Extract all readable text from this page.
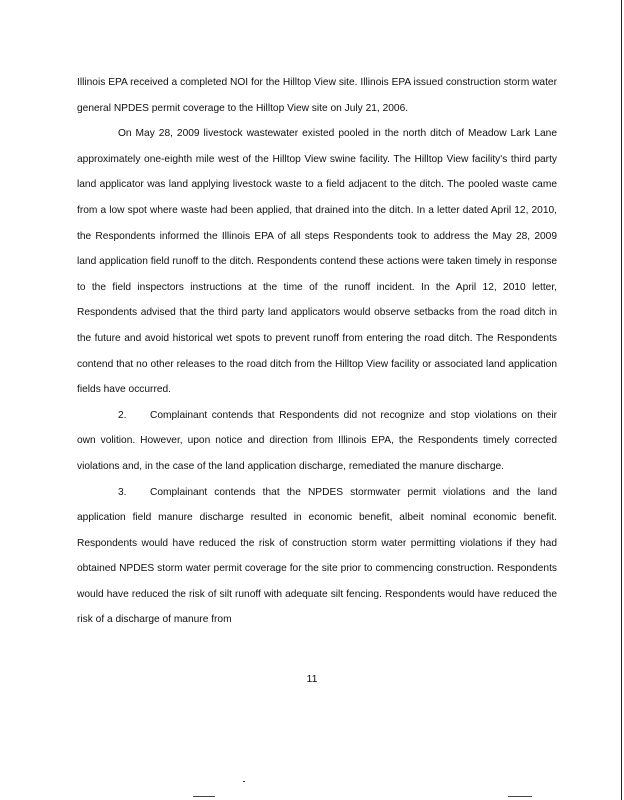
Illinois EPA received a completed NOI for the Hilltop View site. Illinois EPA issued construction storm water general NPDES permit coverage to the Hilltop View site on July 21, 2006.

On May 28, 2009 livestock wastewater existed pooled in the north ditch of Meadow Lark Lane approximately one-eighth mile west of the Hilltop View swine facility. The Hilltop View facility's third party land applicator was land applying livestock waste to a field adjacent to the ditch. The pooled waste came from a low spot where waste had been applied, that drained into the ditch. In a letter dated April 12, 2010, the Respondents informed the Illinois EPA of all steps Respondents took to address the May 28, 2009 land application field runoff to the ditch. Respondents contend these actions were taken timely in response to the field inspectors instructions at the time of the runoff incident. In the April 12, 2010 letter, Respondents advised that the third party land applicators would observe setbacks from the road ditch in the future and avoid historical wet spots to prevent runoff from entering the road ditch. The Respondents contend that no other releases to the road ditch from the Hilltop View facility or associated land application fields have occurred.

2. Complainant contends that Respondents did not recognize and stop violations on their own volition. However, upon notice and direction from Illinois EPA, the Respondents timely corrected violations and, in the case of the land application discharge, remediated the manure discharge.

3. Complainant contends that the NPDES stormwater permit violations and the land application field manure discharge resulted in economic benefit, albeit nominal economic benefit. Respondents would have reduced the risk of construction storm water permitting violations if they had obtained NPDES storm water permit coverage for the site prior to commencing construction. Respondents would have reduced the risk of silt runoff with adequate silt fencing. Respondents would have reduced the risk of a discharge of manure from

11
